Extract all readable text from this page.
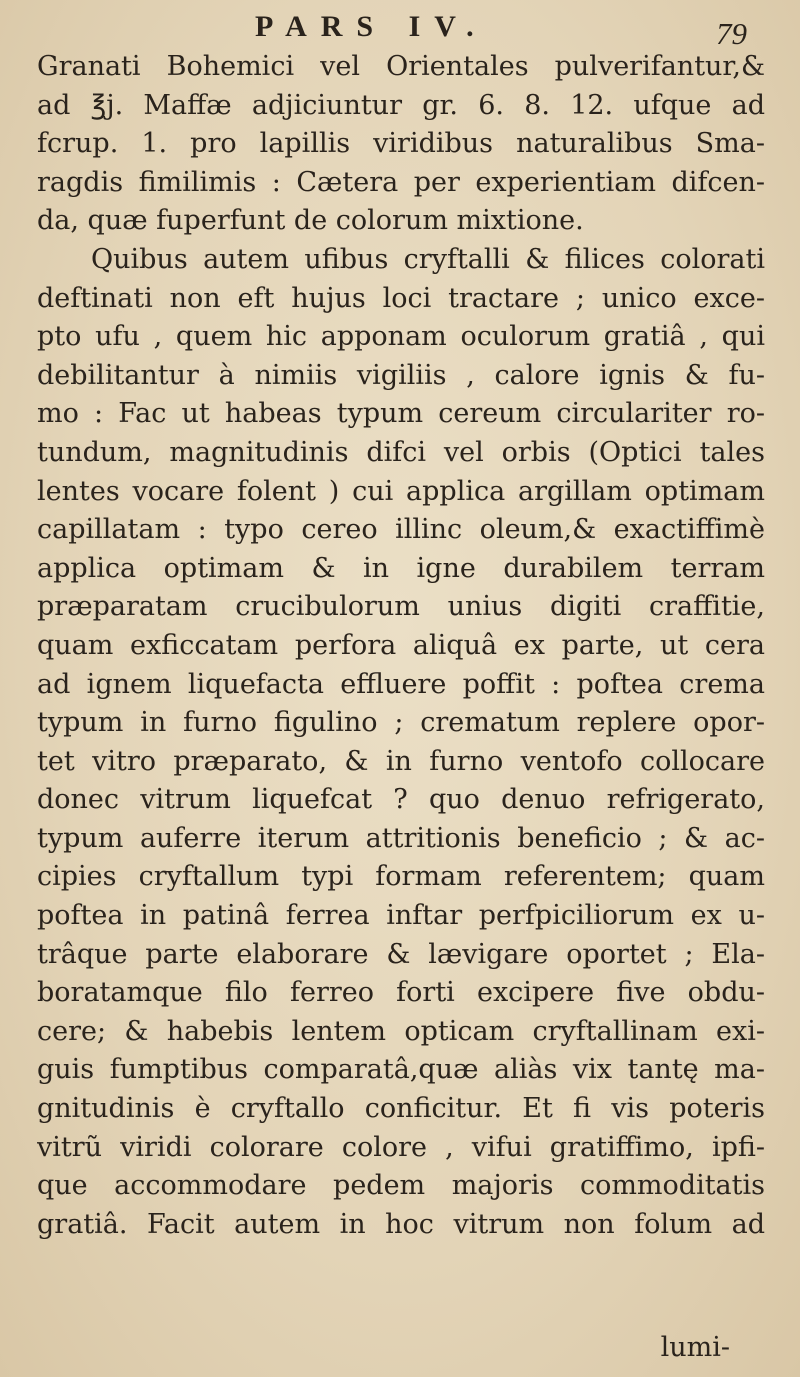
PARS IV.	79
Granati Bohemici vel Orientales pulverifantur,&
ad ℥j. Maffæ adjiciuntur gr. 6. 8. 12. ufque ad
fcrup. 1. pro lapillis viridibus naturalibus Sma-
ragdis fimilimis : Cætera per experientiam difcen-
da, quæ fuperfunt de colorum mixtione.
Quibus autem ufibus cryftalli & filices colorati
deftinati non eft hujus loci tractare ; unico exce-
pto ufu , quem hic apponam oculorum gratiâ , qui
debilitantur à nimiis vigiliis , calore ignis & fu-
mo : Fac ut habeas typum cereum circulariter ro-
tundum, magnitudinis difci vel orbis (Optici tales
lentes vocare folent ) cui applica argillam optimam
capillatam : typo cereo illinc oleum,& exactiffimè
applica optimam & in igne durabilem terram
præparatam crucibulorum unius digiti craffitie,
quam exficcatam perfora aliquâ ex parte, ut cera
ad ignem liquefacta effluere poffit : poftea crema
typum in furno figulino ; crematum replere opor-
tet vitro præparato, & in furno ventofo collocare
donec vitrum liquefcat ? quo denuo refrigerato,
typum auferre iterum attritionis beneficio ; & ac-
cipies cryftallum typi formam referentem; quam
poftea in patinâ ferrea inftar perfpiciliorum ex u-
trâque parte elaborare & lævigare oportet ; Ela-
boratamque filo ferreo forti excipere five obdu-
cere; & habebis lentem opticam cryftallinam exi-
guis fumptibus comparatâ,quæ aliàs vix tantę ma-
gnitudinis è cryftallo conficitur. Et fi vis poteris
vitrũ viridi colorare colore , vifui gratiffimo, ipfi-
que accommodare pedem majoris commoditatis
gratiâ. Facit autem in hoc vitrum non folum ad
lumi-
